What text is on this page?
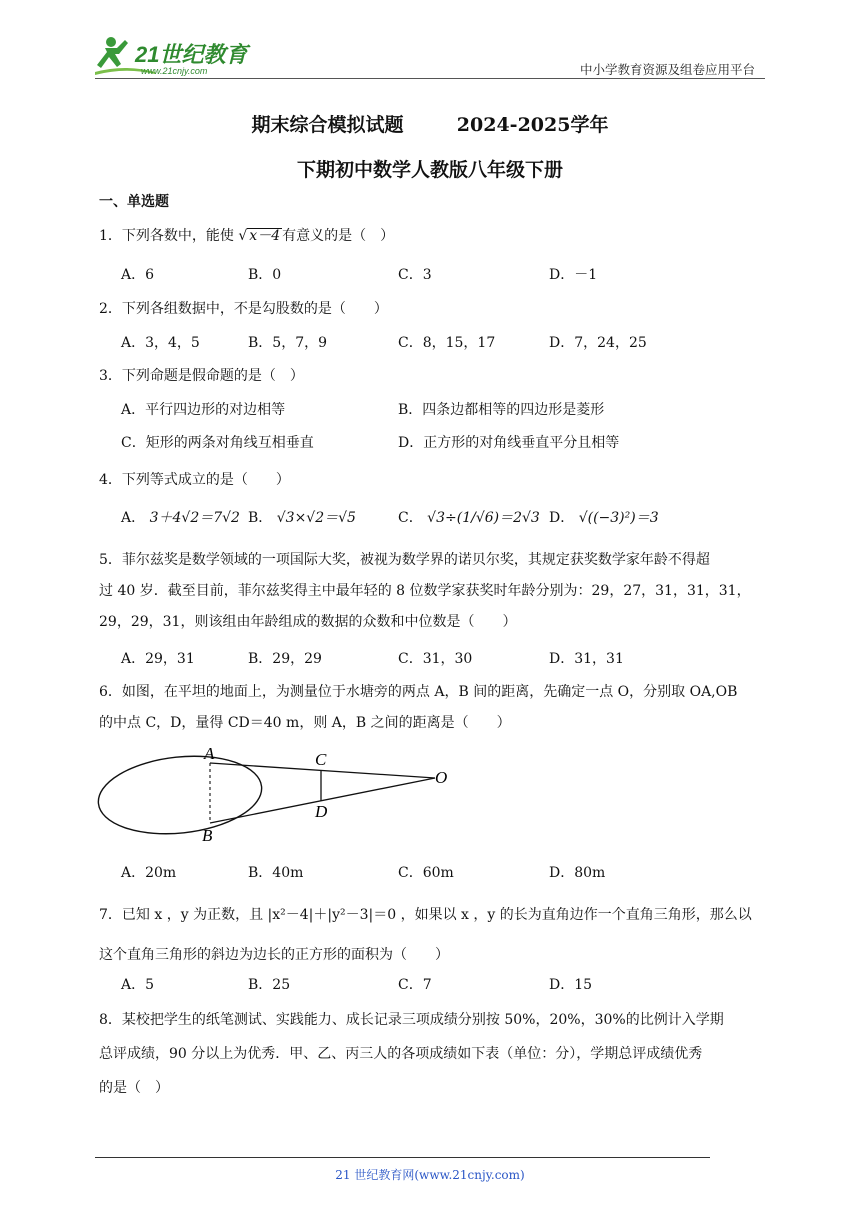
21世纪教育
www.21cnjy.com	中小学教育资源及组卷应用平台
期末综合模拟试题	2024-2025学年
下期初中数学人教版八年级下册
一、单选题
1．下列各数中，能使 √ x－4 有意义的是（　）
A．6	B．0	C．3	D．－1
2．下列各组数据中，不是勾股数的是（　　）
A．3，4，5	B．5，7，9	C．8，15，17	D．7，24，25
3．下列命题是假命题的是（　）
A．平行四边形的对边相等	B．四条边都相等的四边形是菱形
C．矩形的两条对角线互相垂直	D．正方形的对角线垂直平分且相等
4．下列等式成立的是（　　）
A． 3＋4√2＝7√2 B． √3×√2＝√5	C． √3÷(1/√6)＝2√3 D． √((−3)²)＝3
5．菲尔兹奖是数学领域的一项国际大奖，被视为数学界的诺贝尔奖，其规定获奖数学家年龄不得超
过 40 岁．截至目前，菲尔兹奖得主中最年轻的 8 位数学家获奖时年龄分别为：29，27，31，31，31，
29，29，31，则该组由年龄组成的数据的众数和中位数是（　　）
A．29，31	B．29，29	C．31，30	D．31，31
6．如图，在平坦的地面上，为测量位于水塘旁的两点 A，B 间的距离，先确定一点 O，分别取 OA,OB
的中点 C，D，量得 CD＝40 m，则 A，B 之间的距离是（　　）
A
B
C
D
O
A．20m	B．40m	C．60m	D．80m
7．已知 x ，y 为正数，且 |x²－4|＋|y²－3|＝0 ，如果以 x ，y 的长为直角边作一个直角三角形，那么以
这个直角三角形的斜边为边长的正方形的面积为（　　）
A．5	B．25	C．7	D．15
8．某校把学生的纸笔测试、实践能力、成长记录三项成绩分别按 50%，20%，30%的比例计入学期
总评成绩，90 分以上为优秀．甲、乙、丙三人的各项成绩如下表（单位：分），学期总评成绩优秀
的是（　）
21 世纪教育网(www.21cnjy.com)
